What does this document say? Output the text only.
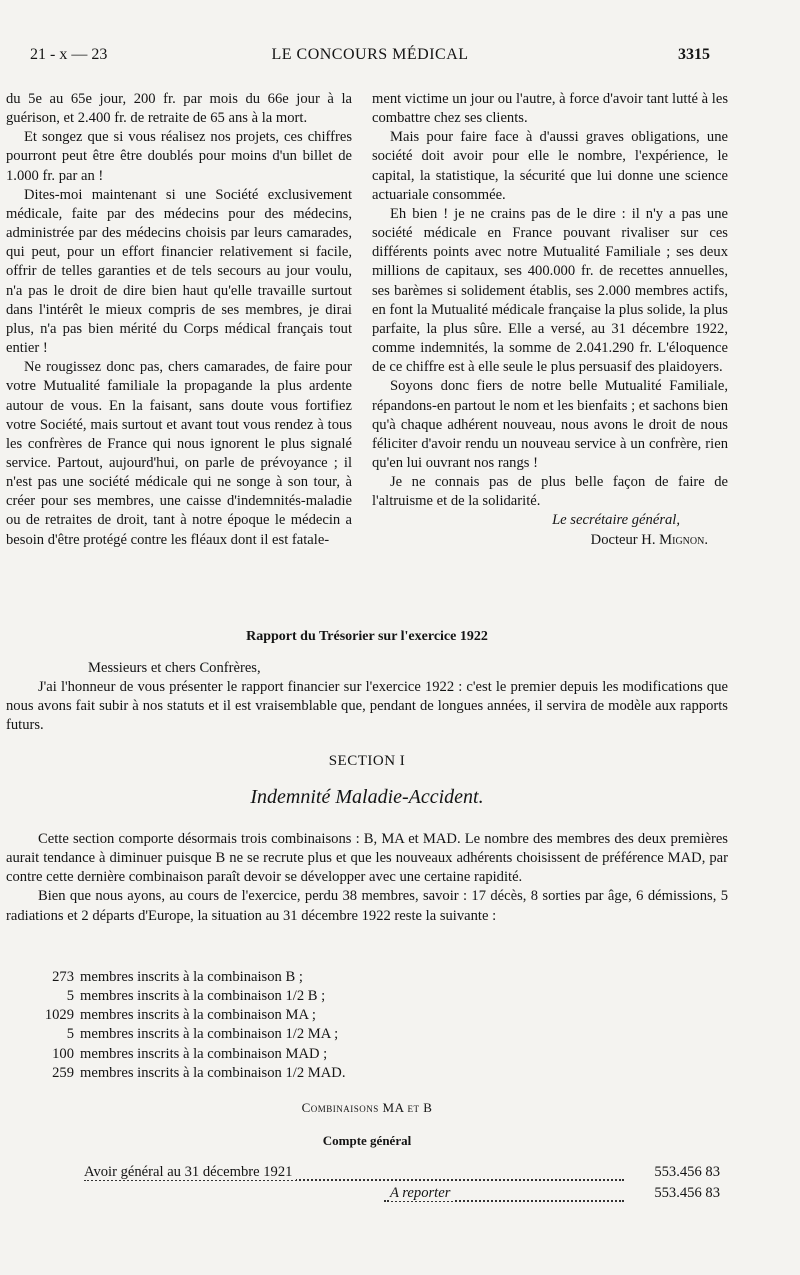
21 - x — 23	LE CONCOURS MÉDICAL	3315

du 5e au 65e jour, 200 fr. par mois du 66e jour à la guérison, et 2.400 fr. de retraite de 65 ans à la mort.

Et songez que si vous réalisez nos projets, ces chiffres pourront peut être être doublés pour moins d'un billet de 1.000 fr. par an !

Dites-moi maintenant si une Société exclusivement médicale, faite par des médecins pour des médecins, administrée par des médecins choisis par leurs camarades, qui peut, pour un effort financier relativement si facile, offrir de telles garanties et de tels secours au jour voulu, n'a pas le droit de dire bien haut qu'elle travaille surtout dans l'intérêt le mieux compris de ses membres, je dirai plus, n'a pas bien mérité du Corps médical français tout entier !

Ne rougissez donc pas, chers camarades, de faire pour votre Mutualité familiale la propagande la plus ardente autour de vous. En la faisant, sans doute vous fortifiez votre Société, mais surtout et avant tout vous rendez à tous les confrères de France qui nous ignorent le plus signalé service. Partout, aujourd'hui, on parle de prévoyance ; il n'est pas une société médicale qui ne songe à son tour, à créer pour ses membres, une caisse d'indemnités-maladie ou de retraites de droit, tant à notre époque le médecin a besoin d'être protégé contre les fléaux dont il est fatale-

ment victime un jour ou l'autre, à force d'avoir tant lutté à les combattre chez ses clients.

Mais pour faire face à d'aussi graves obligations, une société doit avoir pour elle le nombre, l'expérience, le capital, la statistique, la sécurité que lui donne une science actuariale consommée.

Eh bien ! je ne crains pas de le dire : il n'y a pas une société médicale en France pouvant rivaliser sur ces différents points avec notre Mutualité Familiale ; ses deux millions de capitaux, ses 400.000 fr. de recettes annuelles, ses barèmes si solidement établis, ses 2.000 membres actifs, en font la Mutualité médicale française la plus solide, la plus parfaite, la plus sûre. Elle a versé, au 31 décembre 1922, comme indemnités, la somme de 2.041.290 fr. L'éloquence de ce chiffre est à elle seule le plus persuasif des plaidoyers.

Soyons donc fiers de notre belle Mutualité Familiale, répandons-en partout le nom et les bienfaits ; et sachons bien qu'à chaque adhérent nouveau, nous avons le droit de nous féliciter d'avoir rendu un nouveau service à un confrère, rien qu'en lui ouvrant nos rangs !

Je ne connais pas de plus belle façon de faire de l'altruisme et de la solidarité.

Le secrétaire général,

Docteur H. Mignon.

Rapport du Trésorier sur l'exercice 1922

Messieurs et chers Confrères,

J'ai l'honneur de vous présenter le rapport financier sur l'exercice 1922 : c'est le premier depuis les modifications que nous avons fait subir à nos statuts et il est vraisemblable que, pendant de longues années, il servira de modèle aux rapports futurs.

SECTION I
Indemnité Maladie-Accident.

Cette section comporte désormais trois combinaisons : B, MA et MAD. Le nombre des membres des deux premières aurait tendance à diminuer puisque B ne se recrute plus et que les nouveaux adhérents choisissent de préférence MAD, par contre cette dernière combinaison paraît devoir se développer avec une certaine rapidité.

Bien que nous ayons, au cours de l'exercice, perdu 38 membres, savoir : 17 décès, 8 sorties par âge, 6 démissions, 5 radiations et 2 départs d'Europe, la situation au 31 décembre 1922 reste la suivante :

273 membres inscrits à la combinaison B ;
5 membres inscrits à la combinaison 1/2 B ;
1029 membres inscrits à la combinaison MA ;
5 membres inscrits à la combinaison 1/2 MA ;
100 membres inscrits à la combinaison MAD ;
259 membres inscrits à la combinaison 1/2 MAD.
Combinaisons MA et B
Compte général
Avoir général au 31 décembre 1921	553.456 83
A reporter	553.456 83
